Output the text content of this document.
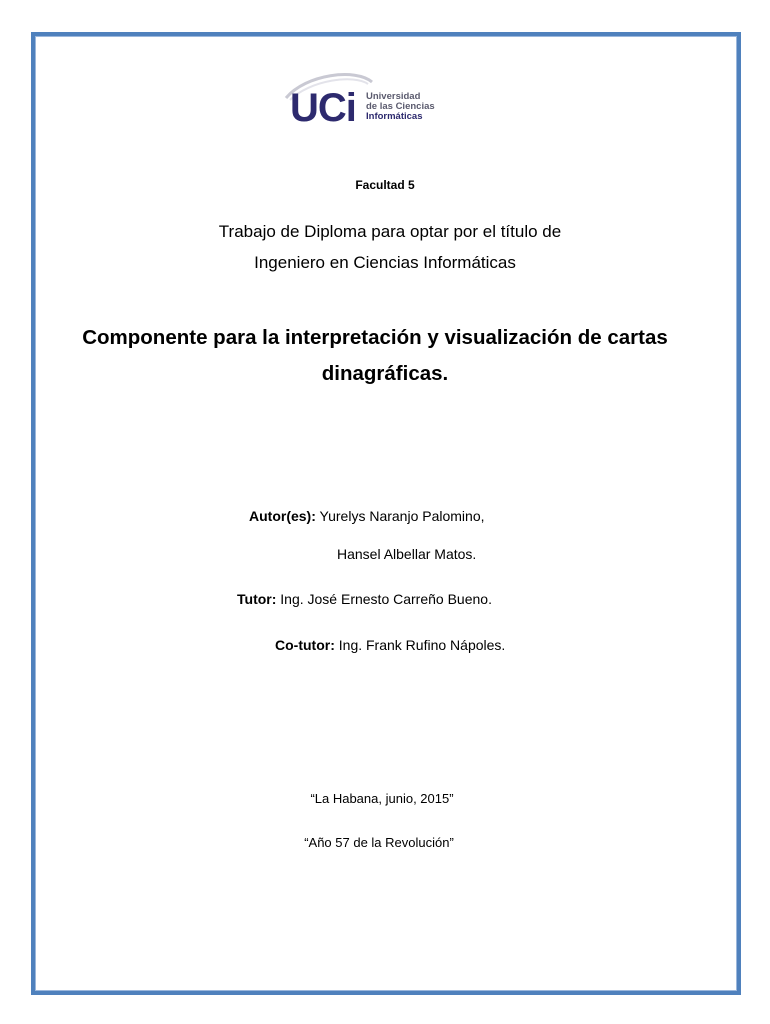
UCi Universidad
de las Ciencias
Informáticas
Facultad 5
Trabajo de Diploma para optar por el título de
Ingeniero en Ciencias Informáticas
Componente para la interpretación y visualización de cartas
dinagráficas.
Autor(es): Yurelys Naranjo Palomino,
Hansel Albellar Matos.
Tutor: Ing. José Ernesto Carreño Bueno.
Co-tutor: Ing. Frank Rufino Nápoles.
“La Habana, junio, 2015”
“Año 57 de la Revolución”
